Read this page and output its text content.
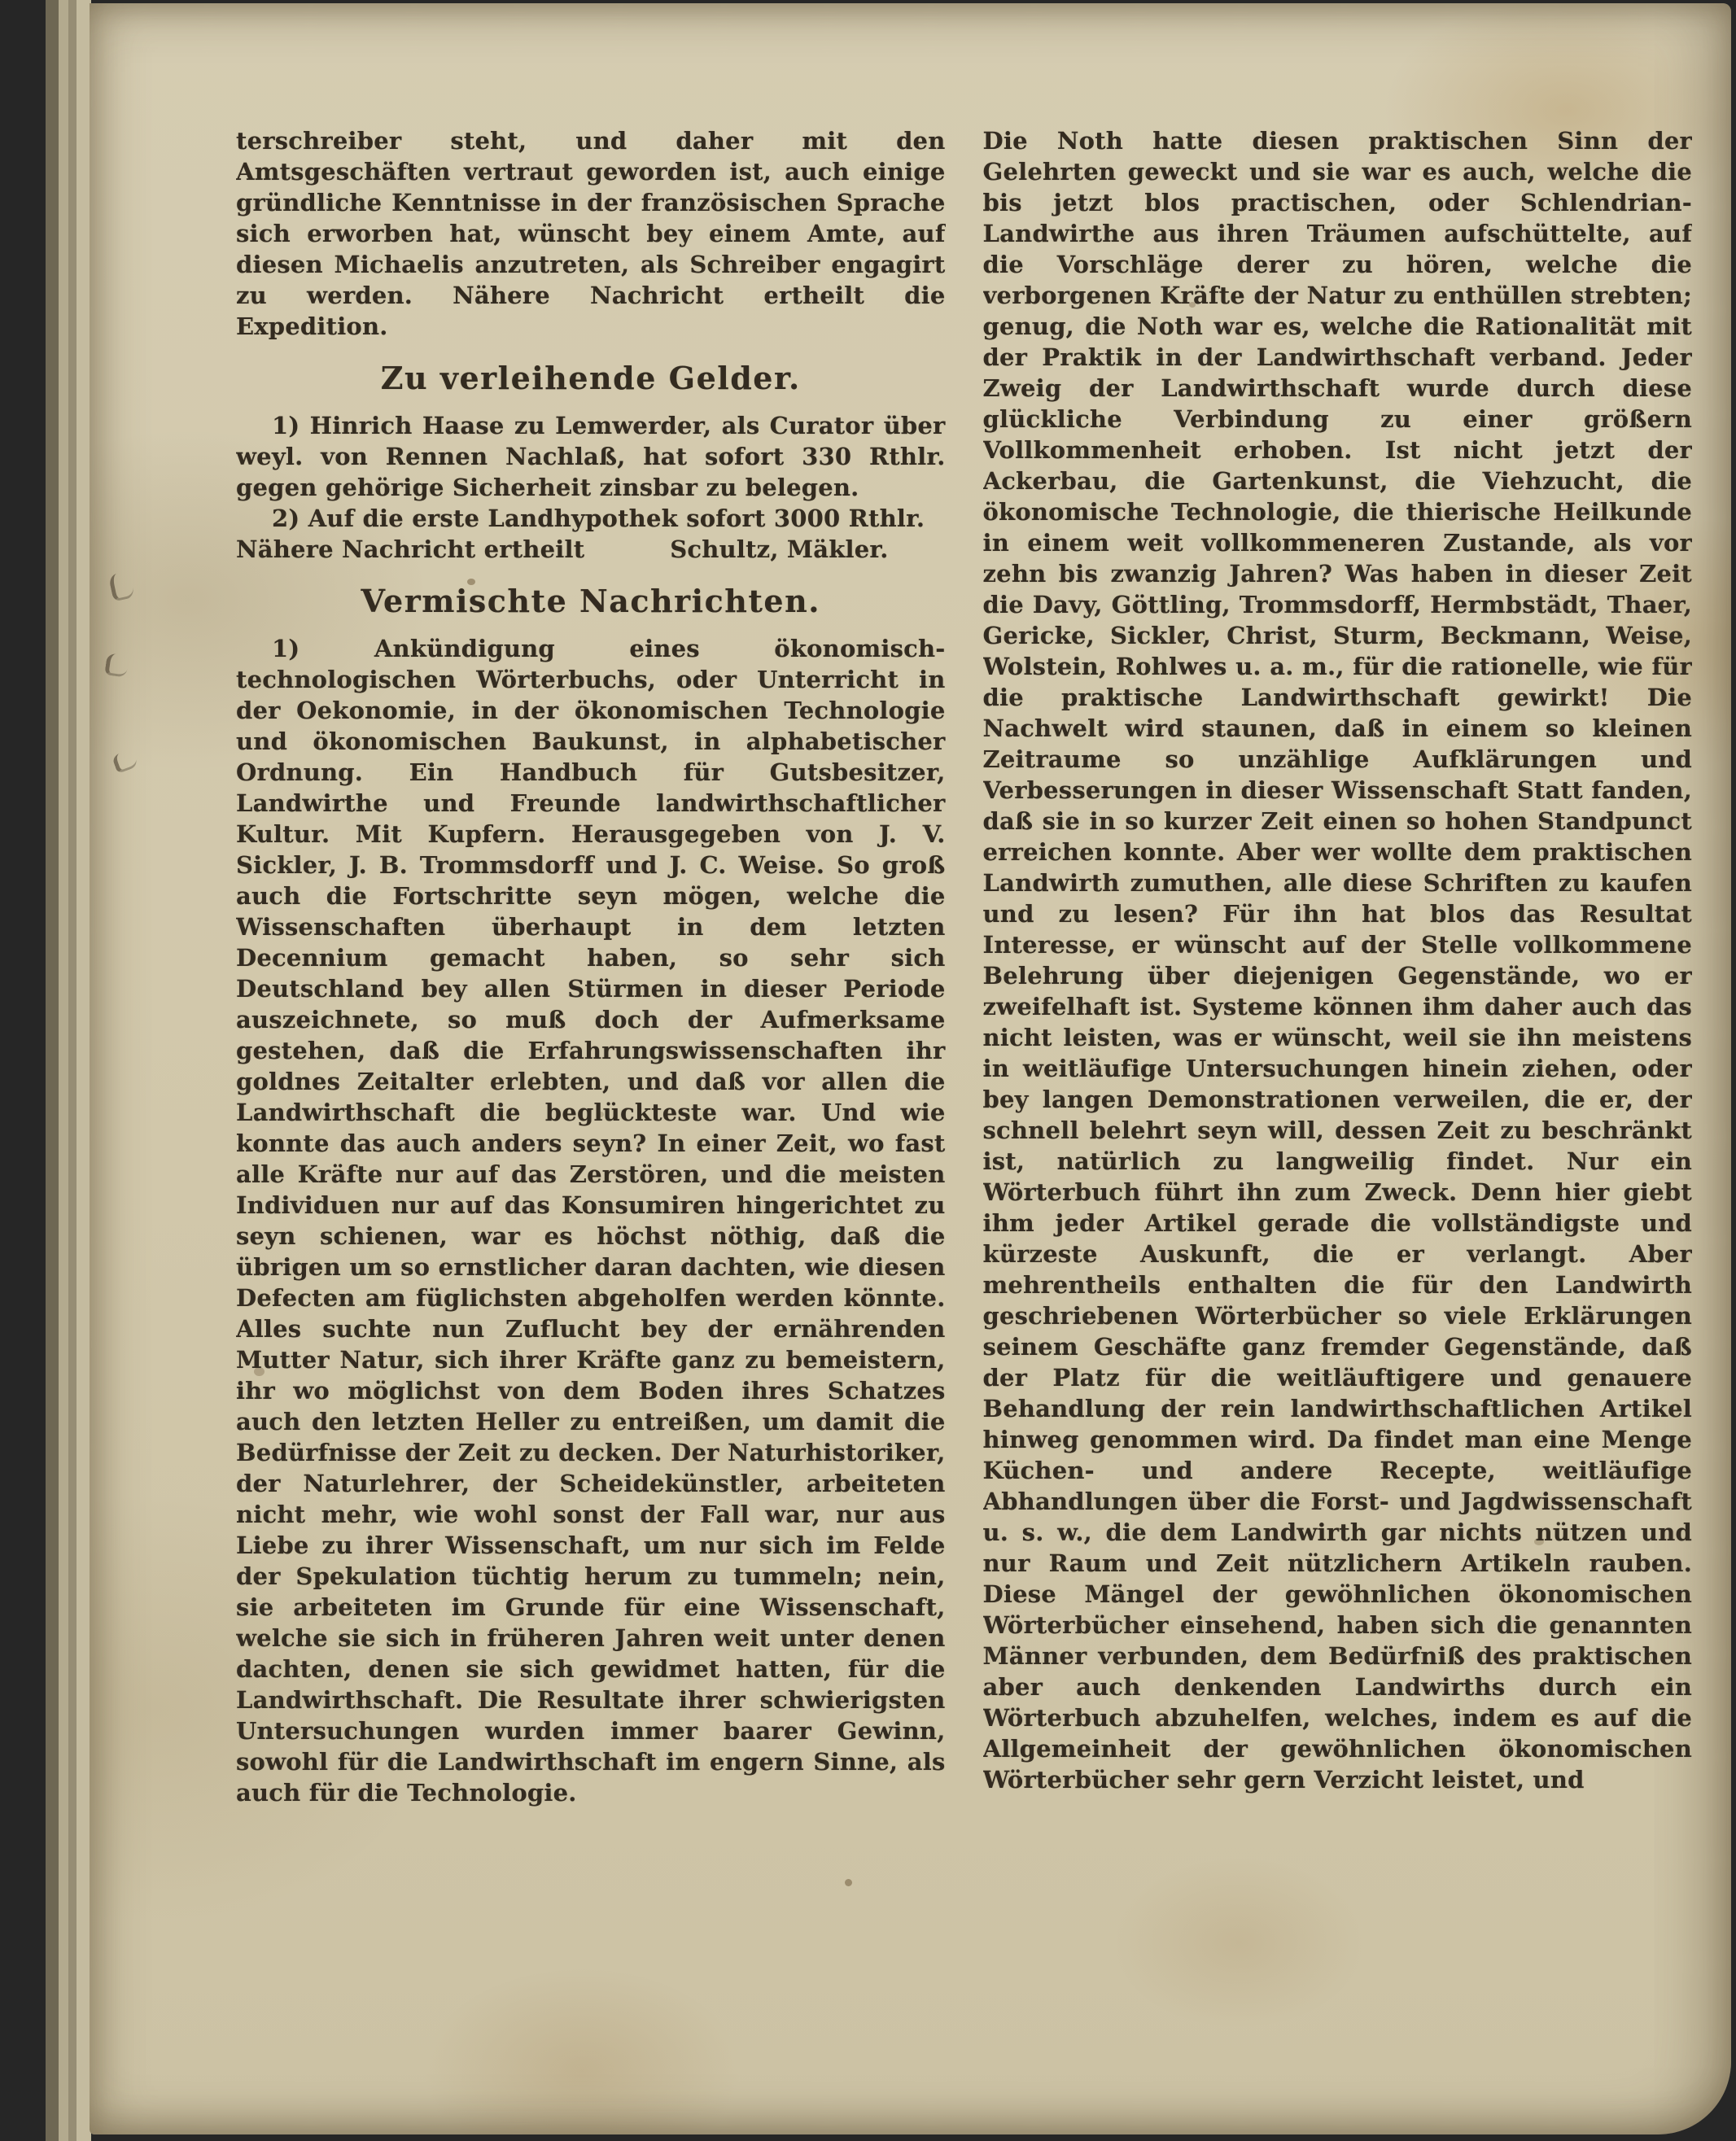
terschreiber steht, und daher mit den Amtsgeschäften vertraut geworden ist, auch einige gründliche Kenntnisse in der französischen Sprache sich erworben hat, wünscht bey einem Amte, auf diesen Michaelis anzutreten, als Schreiber engagirt zu werden. Nähere Nachricht ertheilt die Expedition.

Zu verleihende Gelder.

1) Hinrich Haase zu Lemwerder, als Curator über weyl. von Rennen Nachlaß, hat sofort 330 Rthlr. gegen gehörige Sicherheit zinsbar zu belegen.

2) Auf die erste Landhypothek sofort 3000 Rthlr.

Nähere Nachricht ertheilt	Schultz, Mäkler.
Vermischte Nachrichten.

1) Ankündigung eines ökonomisch-technologischen Wörterbuchs, oder Unterricht in der Oekonomie, in der ökonomischen Technologie und ökonomischen Baukunst, in alphabetischer Ordnung. Ein Handbuch für Gutsbesitzer, Landwirthe und Freunde landwirthschaftlicher Kultur. Mit Kupfern. Herausgegeben von J. V. Sickler, J. B. Trommsdorff und J. C. Weise. So groß auch die Fortschritte seyn mögen, welche die Wissenschaften überhaupt in dem letzten Decennium gemacht haben, so sehr sich Deutschland bey allen Stürmen in dieser Periode auszeichnete, so muß doch der Aufmerksame gestehen, daß die Erfahrungswissenschaften ihr goldnes Zeitalter erlebten, und daß vor allen die Landwirthschaft die beglückteste war. Und wie konnte das auch anders seyn? In einer Zeit, wo fast alle Kräfte nur auf das Zerstören, und die meisten Individuen nur auf das Konsumiren hingerichtet zu seyn schienen, war es höchst nöthig, daß die übrigen um so ernstlicher daran dachten, wie diesen Defecten am füglichsten abgeholfen werden könnte. Alles suchte nun Zuflucht bey der ernährenden Mutter Natur, sich ihrer Kräfte ganz zu bemeistern, ihr wo möglichst von dem Boden ihres Schatzes auch den letzten Heller zu entreißen, um damit die Bedürfnisse der Zeit zu decken. Der Naturhistoriker, der Naturlehrer, der Scheidekünstler, arbeiteten nicht mehr, wie wohl sonst der Fall war, nur aus Liebe zu ihrer Wissenschaft, um nur sich im Felde der Spekulation tüchtig herum zu tummeln; nein, sie arbeiteten im Grunde für eine Wissenschaft, welche sie sich in früheren Jahren weit unter denen dachten, denen sie sich gewidmet hatten, für die Landwirthschaft. Die Resultate ihrer schwierigsten Untersuchungen wurden immer baarer Gewinn, sowohl für die Landwirthschaft im engern Sinne, als auch für die Technologie.

Die Noth hatte diesen praktischen Sinn der Gelehrten geweckt und sie war es auch, welche die bis jetzt blos practischen, oder Schlendrian-Landwirthe aus ihren Träumen aufschüttelte, auf die Vorschläge derer zu hören, welche die verborgenen Kräfte der Natur zu enthüllen strebten; genug, die Noth war es, welche die Rationalität mit der Praktik in der Landwirthschaft verband. Jeder Zweig der Landwirthschaft wurde durch diese glückliche Verbindung zu einer größern Vollkommenheit erhoben. Ist nicht jetzt der Ackerbau, die Gartenkunst, die Viehzucht, die ökonomische Technologie, die thierische Heilkunde in einem weit vollkommeneren Zustande, als vor zehn bis zwanzig Jahren? Was haben in dieser Zeit die Davy, Göttling, Trommsdorff, Hermbstädt, Thaer, Gericke, Sickler, Christ, Sturm, Beckmann, Weise, Wolstein, Rohlwes u. a. m., für die rationelle, wie für die praktische Landwirthschaft gewirkt! Die Nachwelt wird staunen, daß in einem so kleinen Zeitraume so unzählige Aufklärungen und Verbesserungen in dieser Wissenschaft Statt fanden, daß sie in so kurzer Zeit einen so hohen Standpunct erreichen konnte. Aber wer wollte dem praktischen Landwirth zumuthen, alle diese Schriften zu kaufen und zu lesen? Für ihn hat blos das Resultat Interesse, er wünscht auf der Stelle vollkommene Belehrung über diejenigen Gegenstände, wo er zweifelhaft ist. Systeme können ihm daher auch das nicht leisten, was er wünscht, weil sie ihn meistens in weitläufige Untersuchungen hinein ziehen, oder bey langen Demonstrationen verweilen, die er, der schnell belehrt seyn will, dessen Zeit zu beschränkt ist, natürlich zu langweilig findet. Nur ein Wörterbuch führt ihn zum Zweck. Denn hier giebt ihm jeder Artikel gerade die vollständigste und kürzeste Auskunft, die er verlangt. Aber mehrentheils enthalten die für den Landwirth geschriebenen Wörterbücher so viele Erklärungen seinem Geschäfte ganz fremder Gegenstände, daß der Platz für die weitläuftigere und genauere Behandlung der rein landwirthschaftlichen Artikel hinweg genommen wird. Da findet man eine Menge Küchen- und andere Recepte, weitläufige Abhandlungen über die Forst- und Jagdwissenschaft u. s. w., die dem Landwirth gar nichts nützen und nur Raum und Zeit nützlichern Artikeln rauben. Diese Mängel der gewöhnlichen ökonomischen Wörterbücher einsehend, haben sich die genannten Männer verbunden, dem Bedürfniß des praktischen aber auch denkenden Landwirths durch ein Wörterbuch abzuhelfen, welches, indem es auf die Allgemeinheit der gewöhnlichen ökonomischen Wörterbücher sehr gern Verzicht leistet, und
